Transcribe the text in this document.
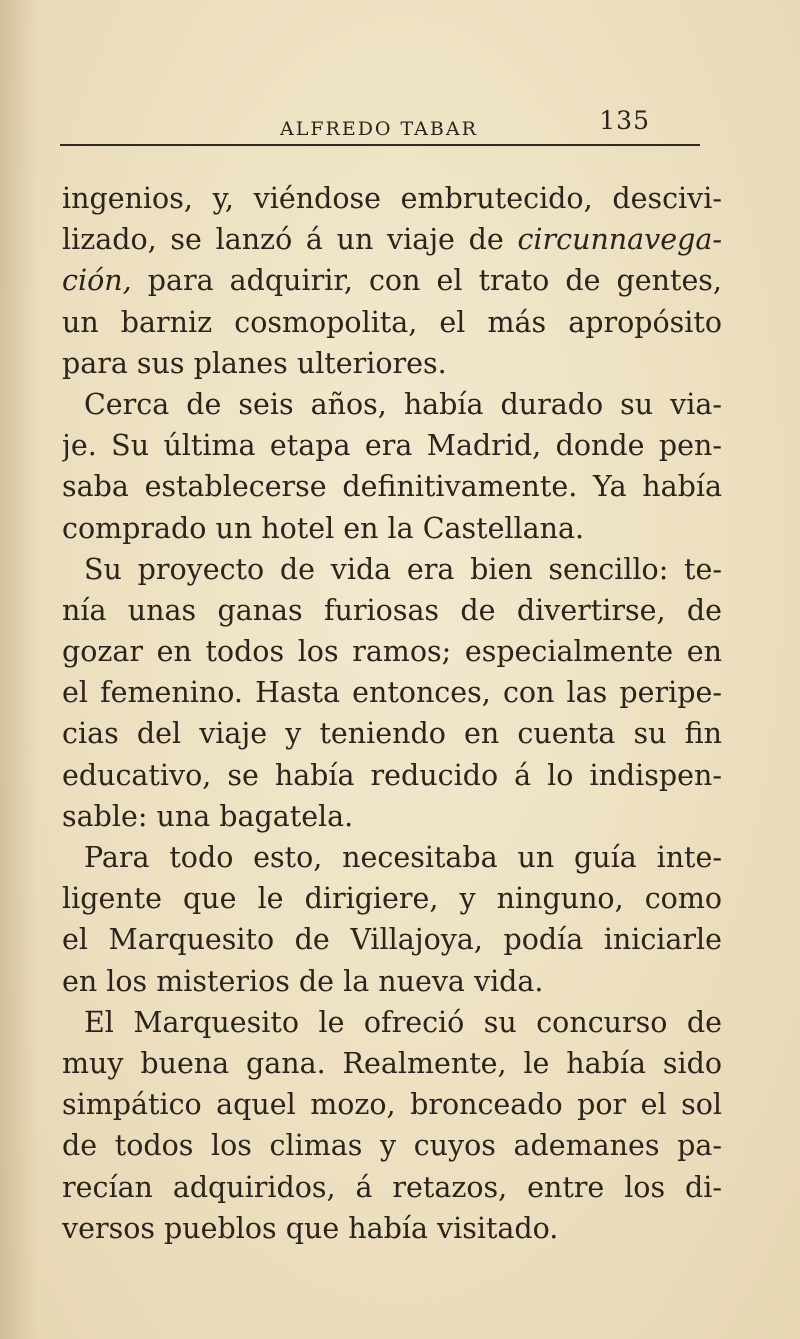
ALFREDO TABAR	135
ingenios, y, viéndose embrutecido, descivi-
lizado, se lanzó á un viaje de circunnavega-
ción, para adquirir, con el trato de gentes,
un barniz cosmopolita, el más apropósito
para sus planes ulteriores.
Cerca de seis años, había durado su via-
je. Su última etapa era Madrid, donde pen-
saba establecerse definitivamente. Ya había
comprado un hotel en la Castellana.
Su proyecto de vida era bien sencillo: te-
nía unas ganas furiosas de divertirse, de
gozar en todos los ramos; especialmente en
el femenino. Hasta entonces, con las peripe-
cias del viaje y teniendo en cuenta su fin
educativo, se había reducido á lo indispen-
sable: una bagatela.
Para todo esto, necesitaba un guía inte-
ligente que le dirigiere, y ninguno, como
el Marquesito de Villajoya, podía iniciarle
en los misterios de la nueva vida.
El Marquesito le ofreció su concurso de
muy buena gana. Realmente, le había sido
simpático aquel mozo, bronceado por el sol
de todos los climas y cuyos ademanes pa-
recían adquiridos, á retazos, entre los di-
versos pueblos que había visitado.
